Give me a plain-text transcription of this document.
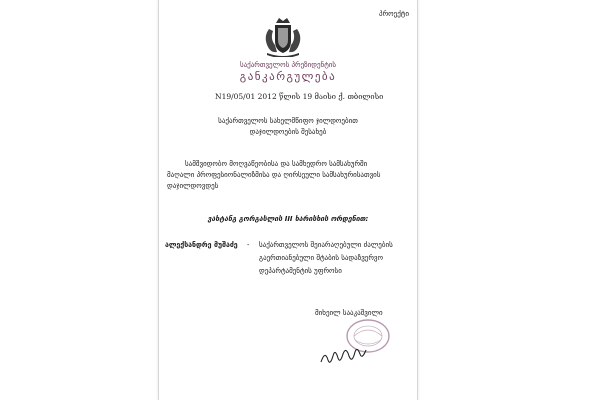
პროექტი
საქართველოს პრეზიდენტის
განკარგულება
N19/05/01 2012 წლის 19 მაისი ქ. თბილისი
საქართველოს სახელმწიფო ჯილდოებით
დაჯილდოების შესახებ
სამშვიდობო მოღვაწეობისა და სამხედრო სამსახურში
მაღალი პროფესიონალიზმისა და ღირსეული სამსახურისათვის
დაჯილდოვდეს
ვახტანგ გორგასლის III ხარისხის ორდენით:
ალექსანდრე მუშაძე - საქართველოს შეიარაღებული ძალების
გაერთიანებული შტაბის სადაზვერვო
დეპარტამენტის უფროსი
მიხეილ სააკაშვილი
